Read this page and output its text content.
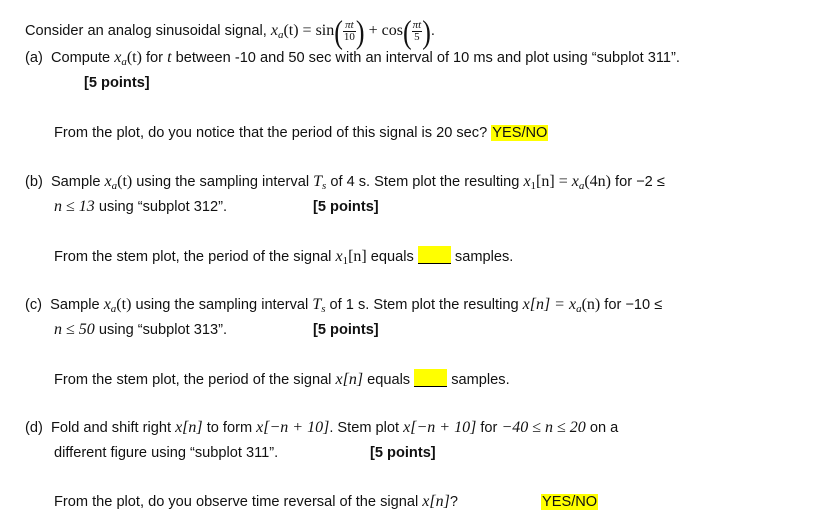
Consider an analog sinusoidal signal, $x_a(t) = \sin( \frac{\pi t}{10}$ ) + $\cos( \frac{\pi t}{5}$ ).
(a) Compute $x_a(t)$ for t between -10 and 50 sec with an interval of 10 ms and plot using “subplot 311”.
[5 points]
From the plot, do you notice that the period of this signal is 20 sec? YES/NO
(b) Sample $x_a(t)$ using the sampling interval $T_s$ of 4 s. Stem plot the resulting $x_1[n] = x_a(4n)$ for −2 ≤
n ≤ 13 using “subplot 312”.	[5 points]
From the stem plot, the period of the signal $x_1[n]$ equals	samples.
(c) Sample $x_a(t)$ using the sampling interval $T_s$ of 1 s. Stem plot the resulting $x[n] = x_a(n)$ for −10 ≤
n ≤ 50 using “subplot 313”.	[5 points]
From the stem plot, the period of the signal x[n] equals	samples.
(d) Fold and shift right x[n] to form x[−n + 10]. Stem plot x[−n + 10] for −40 ≤ n ≤ 20 on a
different figure using “subplot 311”.	[5 points]
From the plot, do you observe time reversal of the signal x[n]?	YES/NO
